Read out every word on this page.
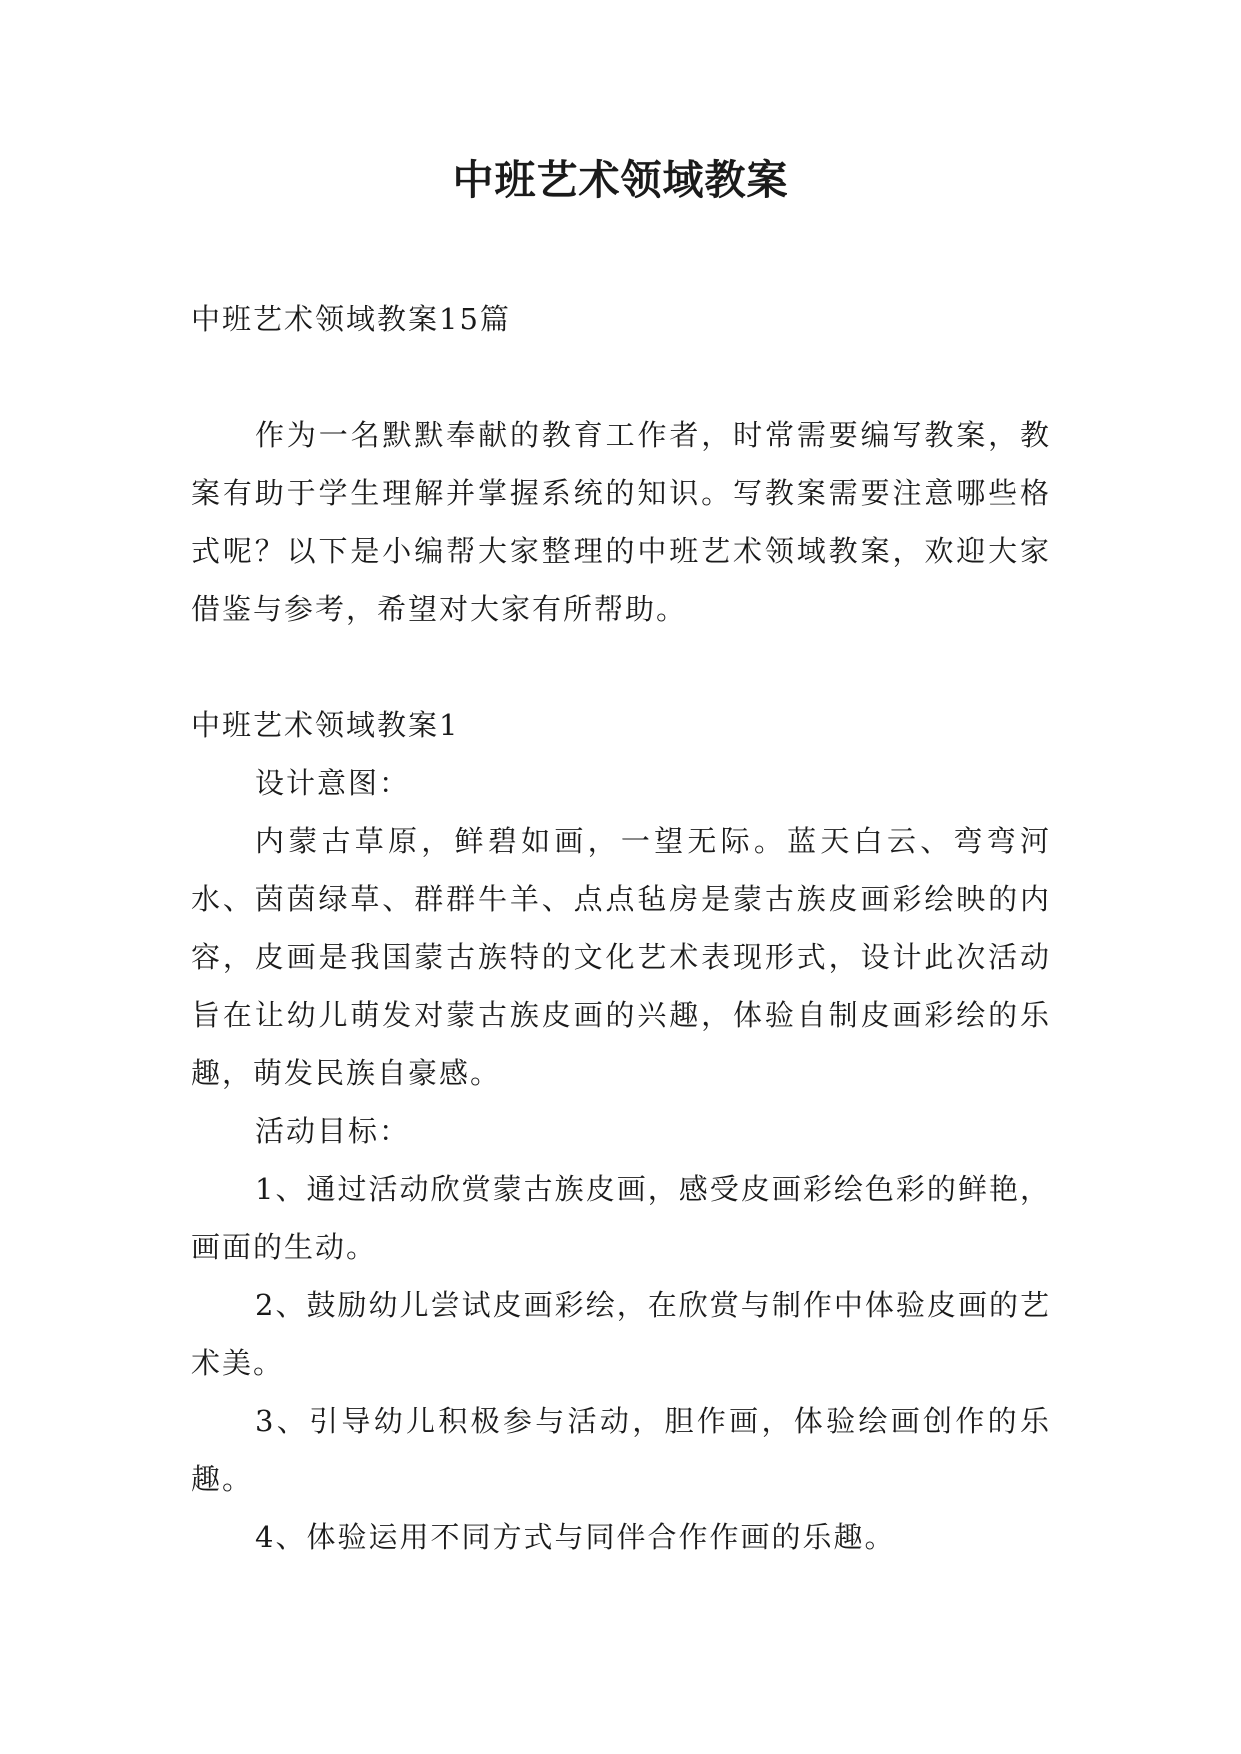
中班艺术领域教案

中班艺术领域教案15篇

作为一名默默奉献的教育工作者，时常需要编写教案，教案有助于学生理解并掌握系统的知识。写教案需要注意哪些格式呢？以下是小编帮大家整理的中班艺术领域教案，欢迎大家借鉴与参考，希望对大家有所帮助。

中班艺术领域教案1

设计意图：

内蒙古草原，鲜碧如画，一望无际。蓝天白云、弯弯河水、茵茵绿草、群群牛羊、点点毡房是蒙古族皮画彩绘映的内容，皮画是我国蒙古族特的文化艺术表现形式，设计此次活动旨在让幼儿萌发对蒙古族皮画的兴趣，体验自制皮画彩绘的乐趣，萌发民族自豪感。

活动目标：

1、通过活动欣赏蒙古族皮画，感受皮画彩绘色彩的鲜艳，画面的生动。

2、鼓励幼儿尝试皮画彩绘，在欣赏与制作中体验皮画的艺术美。

3、引导幼儿积极参与活动，胆作画，体验绘画创作的乐趣。

4、体验运用不同方式与同伴合作作画的乐趣。
